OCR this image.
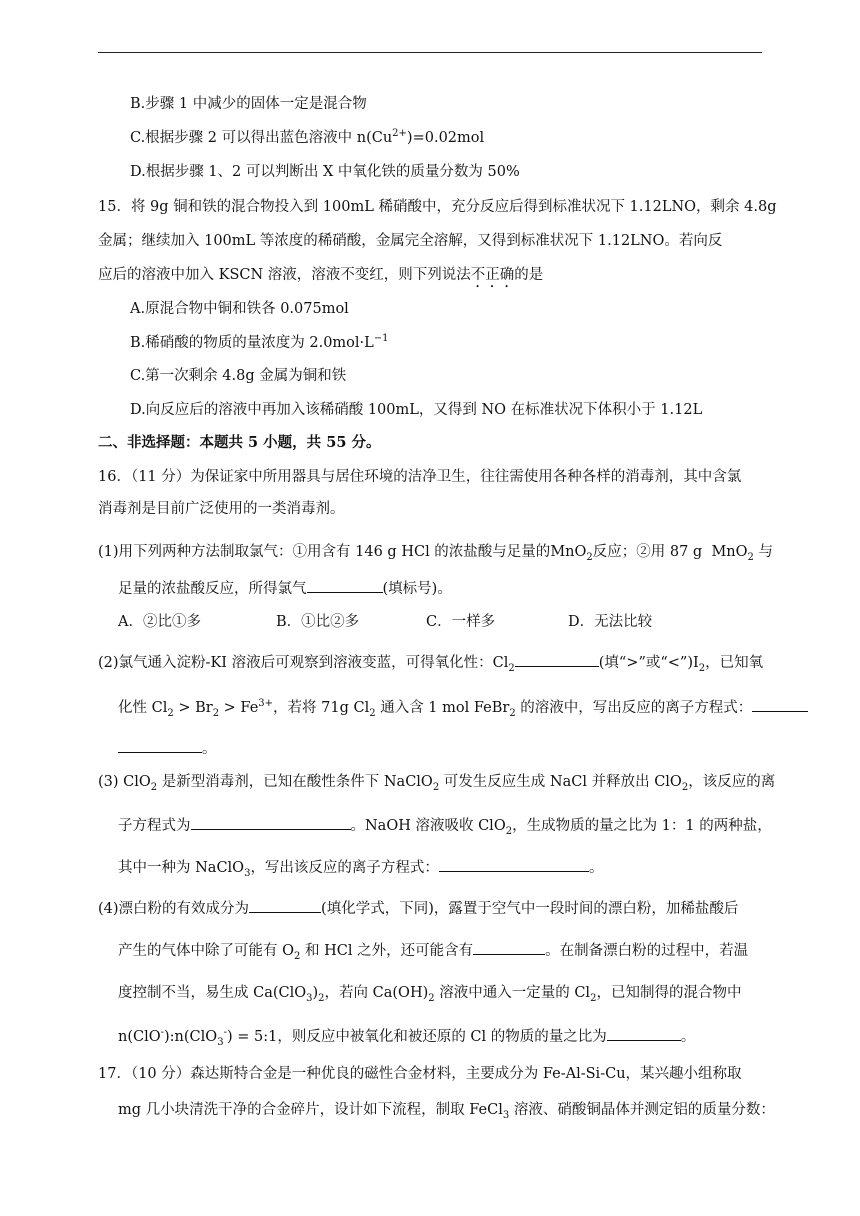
B.步骤 1 中减少的固体一定是混合物
C.根据步骤 2 可以得出蓝色溶液中 $n(Cu^{2+})=0.02mol$
D.根据步骤 1、2 可以判断出 X 中氧化铁的质量分数为 50%
15．将 9g 铜和铁的混合物投入到 100mL 稀硝酸中，充分反应后得到标准状况下 1.12LNO，剩余 4.8g
金属；继续加入 100mL 等浓度的稀硝酸，金属完全溶解，又得到标准状况下 1.12LNO。若向反
应后的溶液中加入 KSCN 溶液，溶液不变红，则下列说法不正确的是
A.原混合物中铜和铁各 0.075mol
B.稀硝酸的物质的量浓度为 $2.0mol\cdot L^{-1}$
C.第一次剩余 4.8g 金属为铜和铁
D.向反应后的溶液中再加入该稀硝酸 100mL，又得到 NO 在标准状况下体积小于 1.12L
二、非选择题：本题共 5 小题，共 55 分。
16．（11 分）为保证家中所用器具与居住环境的洁净卫生，往往需使用各种各样的消毒剂，其中含氯
消毒剂是目前广泛使用的一类消毒剂。
(1)用下列两种方法制取氯气：①用含有 146 g HCl 的浓盐酸与足量的MnO$_2$反应；②用 87 g MnO$_2$ 与
足量的浓盐酸反应，所得氯气	(填标号)。
A．②比①多	B．①比②多	C．一样多	D．无法比较
(2)氯气通入淀粉-KI 溶液后可观察到溶液变蓝，可得氧化性：$Cl_2$	(填“>”或“$<”)I_2$，已知氧
化性 $Cl_2 > Br_2 > Fe^{3+}$，若将 71g $Cl_2$ 通入含 1 mol FeBr$_2$ 的溶液中，写出反应的离子方程式：
。
(3) ClO$_2$ 是新型消毒剂，已知在酸性条件下 NaClO$_2$ 可发生反应生成 NaCl 并释放出 ClO$_2$，该反应的离
子方程式为	。NaOH 溶液吸收 ClO$_2$，生成物质的量之比为 1：1 的两种盐，
其中一种为 NaClO$_3$，写出该反应的离子方程式：	。
(4)漂白粉的有效成分为	(填化学式，下同)，露置于空气中一段时间的漂白粉，加稀盐酸后
产生的气体中除了可能有 $O_2$ 和 HCl 之外，还可能含有	。在制备漂白粉的过程中，若温
度控制不当，易生成 $Ca(ClO_3)_2$，若向 $Ca(OH)_2$ 溶液中通入一定量的 $Cl_2$，已知制得的混合物中
n(ClO-):n(ClO$_3$-) = 5:1，则反应中被氧化和被还原的 Cl 的物质的量之比为	。
17．（10 分）森达斯特合金是一种优良的磁性合金材料，主要成分为 Fe-Al-Si-Cu，某兴趣小组称取
mg 几小块清洗干净的合金碎片，设计如下流程，制取 FeCl$_3$ 溶液、硝酸铜晶体并测定铝的质量分数：
